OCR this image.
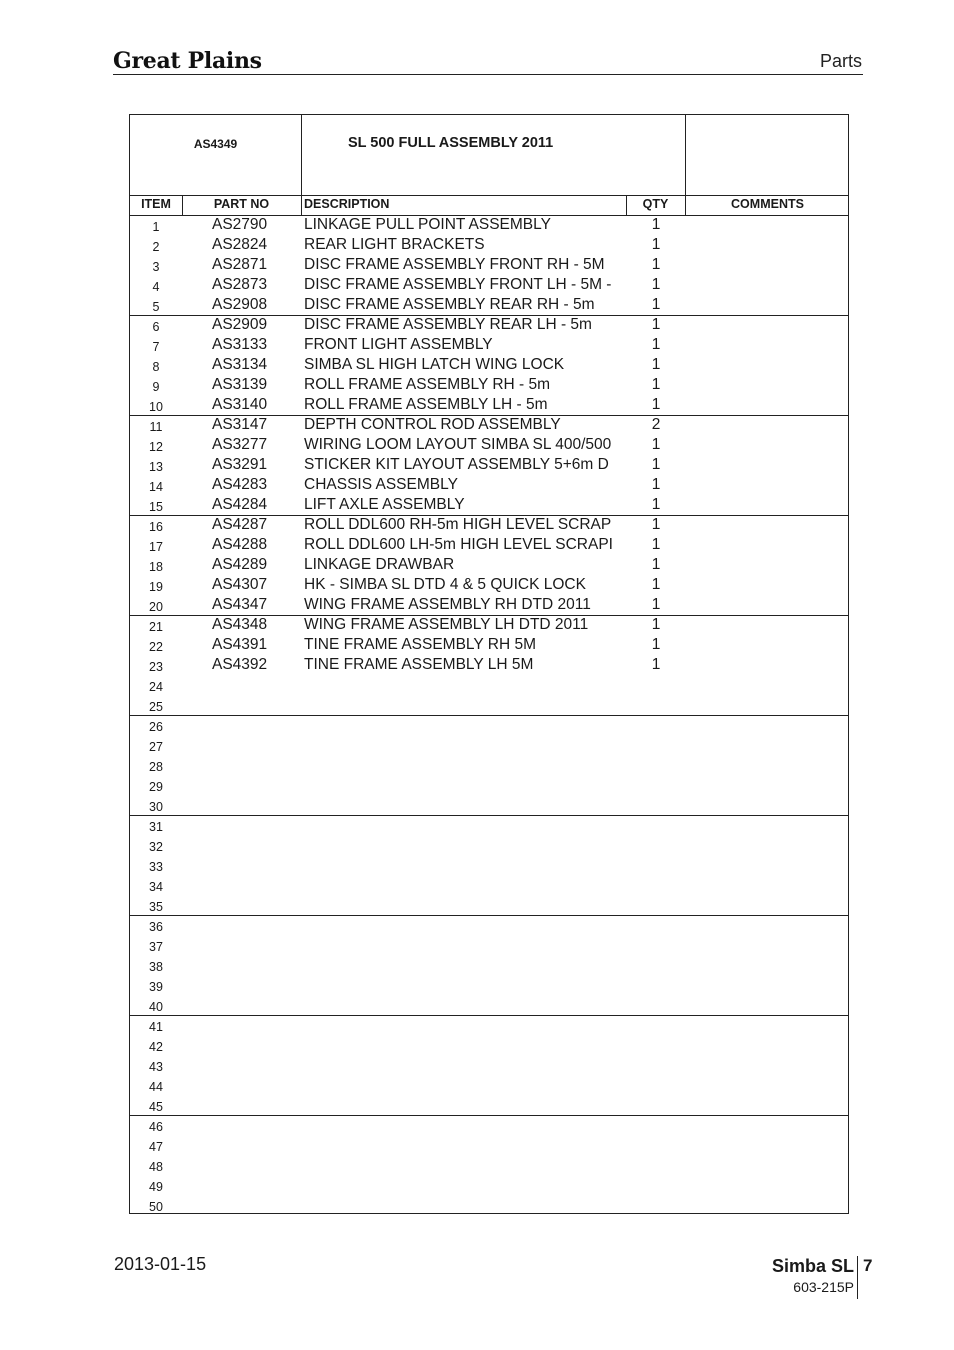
Great Plains	Parts
AS4349	SL 500 FULL ASSEMBLY 2011
ITEM	PART NO	DESCRIPTION	QTY	COMMENTS
1	AS2790	LINKAGE PULL POINT ASSEMBLY	1
2	AS2824	REAR LIGHT BRACKETS	1
3	AS2871	DISC FRAME ASSEMBLY FRONT RH - 5M	1
4	AS2873	DISC FRAME ASSEMBLY FRONT LH - 5M -	1
5	AS2908	DISC FRAME ASSEMBLY REAR RH - 5m	1
6	AS2909	DISC FRAME ASSEMBLY REAR LH - 5m	1
7	AS3133	FRONT LIGHT ASSEMBLY	1
8	AS3134	SIMBA SL HIGH LATCH WING LOCK	1
9	AS3139	ROLL FRAME ASSEMBLY RH - 5m	1
10	AS3140	ROLL FRAME ASSEMBLY LH - 5m	1
11	AS3147	DEPTH CONTROL ROD ASSEMBLY	2
12	AS3277	WIRING LOOM LAYOUT SIMBA SL 400/500	1
13	AS3291	STICKER KIT LAYOUT ASSEMBLY 5+6m D	1
14	AS4283	CHASSIS ASSEMBLY	1
15	AS4284	LIFT AXLE ASSEMBLY	1
16	AS4287	ROLL DDL600 RH-5m HIGH LEVEL SCRAP	1
17	AS4288	ROLL DDL600 LH-5m HIGH LEVEL SCRAPI	1
18	AS4289	LINKAGE DRAWBAR	1
19	AS4307	HK - SIMBA SL DTD 4 & 5 QUICK LOCK	1
20	AS4347	WING FRAME ASSEMBLY RH DTD 2011	1
21	AS4348	WING FRAME ASSEMBLY LH DTD 2011	1
22	AS4391	TINE FRAME ASSEMBLY RH 5M	1
23	AS4392	TINE FRAME ASSEMBLY LH 5M	1
24
25
26
27
28
29
30
31
32
33
34
35
36
37
38
39
40
41
42
43
44
45
46
47
48
49
50
2013-01-15	Simba SL
603-215P
7
